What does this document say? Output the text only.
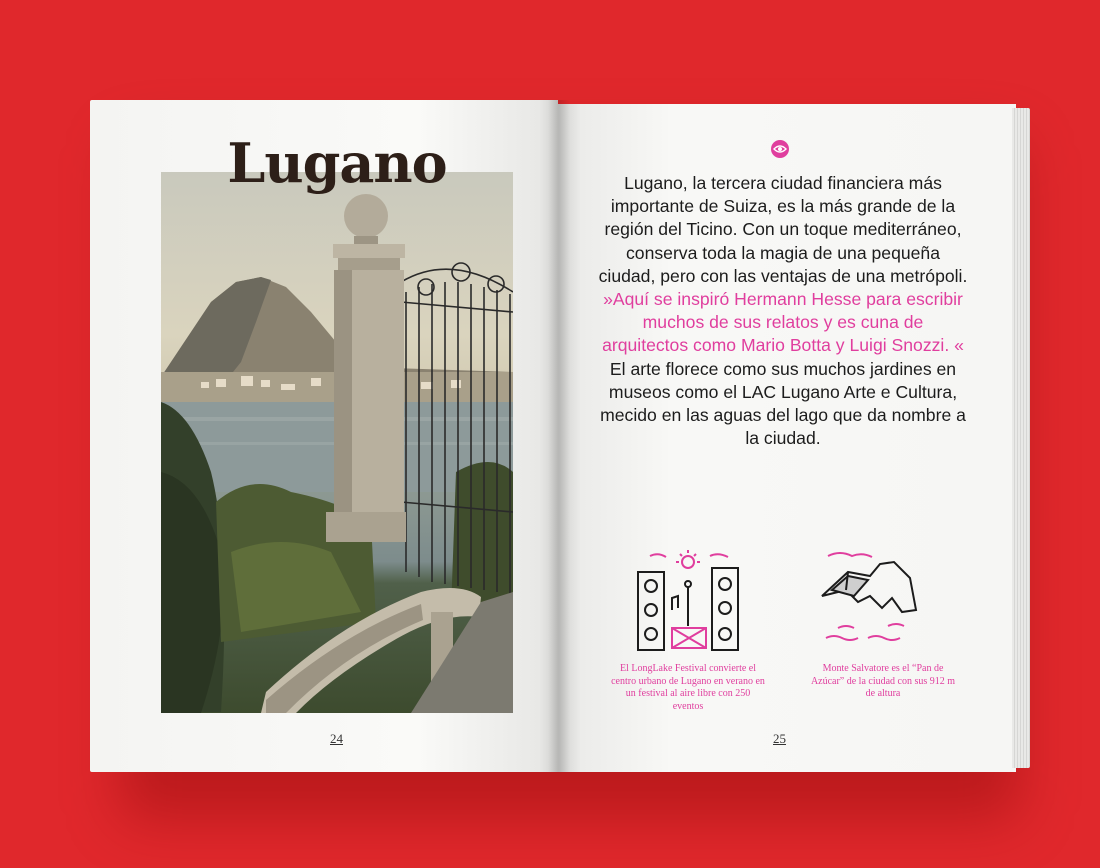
Lugano
24	25
Lugano, la tercera ciudad financiera más importante de Suiza, es la más grande de la región del Ticino. Con un toque mediterráneo, conserva toda la magia de una pequeña ciudad, pero con las ventajas de una metrópoli. »Aquí se inspiró Hermann Hesse para escribir muchos de sus relatos y es cuna de arquitectos como Mario Botta y Luigi Snozzi. « El arte florece como sus muchos jardines en museos como el LAC Lugano Arte e Cultura, mecido en las aguas del lago que da nombre a la ciudad.
El LongLake Festival convierte el centro urbano de Lugano en verano en un festival al aire libre con 250 eventos
Monte Salvatore es el “Pan de Azúcar” de la ciudad con sus 912 m de altura
